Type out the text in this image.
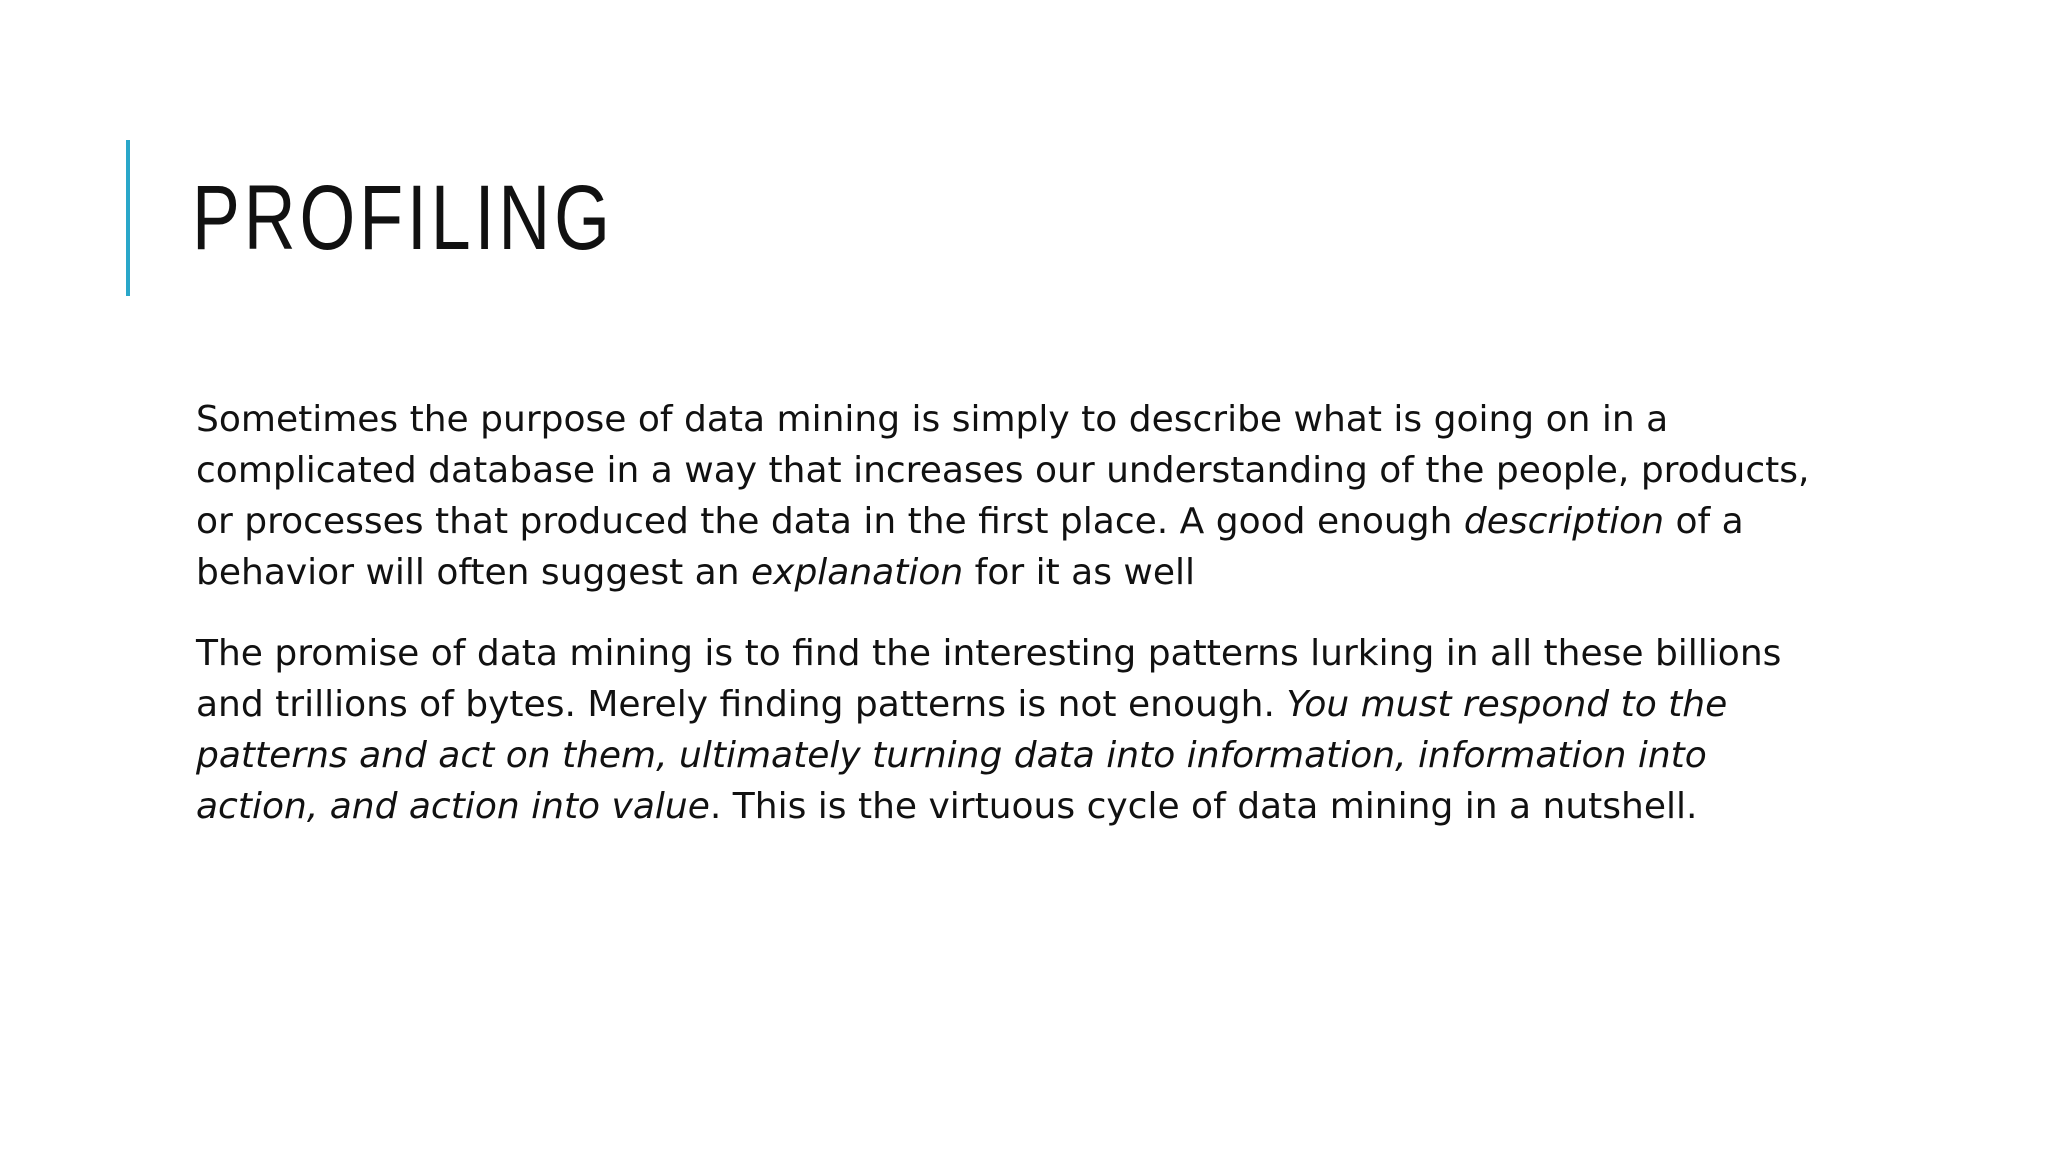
PROFILING

Sometimes the purpose of data mining is simply to describe what is going on in a complicated database in a way that increases our understanding of the people, products, or processes that produced the data in the first place. A good enough description of a behavior will often suggest an explanation for it as well

The promise of data mining is to find the interesting patterns lurking in all these billions and trillions of bytes. Merely finding patterns is not enough. You must respond to the patterns and act on them, ultimately turning data into information, information into action, and action into value. This is the virtuous cycle of data mining in a nutshell.
